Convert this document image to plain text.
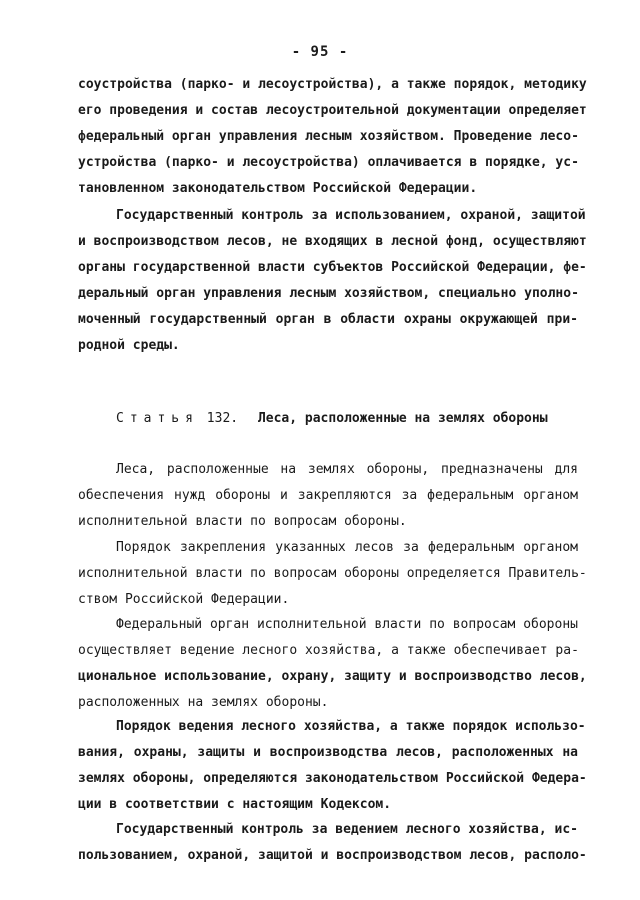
- 95 -
соустройства (парко- и лесоустройства), а также порядок, методику
его проведения и состав лесоустроительной документации определяет
федеральный орган управления лесным хозяйством. Проведение лесо-
устройства (парко- и лесоустройства) оплачивается в порядке, ус-
тановленном законодательством Российской Федерации.
Государственный контроль за использованием, охраной, защитой
и воспроизводством лесов, не входящих в лесной фонд, осуществляют
органы государственной власти субъектов Российской Федерации, фе-
деральный орган управления лесным хозяйством, специально уполно-
моченный государственный орган в области охраны окружающей при-
родной среды.
Статья 132. Леса, расположенные на землях обороны
Леса, расположенные на землях обороны, предназначены для
обеспечения нужд обороны и закрепляются за федеральным органом
исполнительной власти по вопросам обороны.
Порядок закрепления указанных лесов за федеральным органом
исполнительной власти по вопросам обороны определяется Правитель-
ством Российской Федерации.
Федеральный орган исполнительной власти по вопросам обороны
осуществляет ведение лесного хозяйства, а также обеспечивает ра-
циональное использование, охрану, защиту и воспроизводство лесов,
расположенных на землях обороны.
Порядок ведения лесного хозяйства, а также порядок использо-
вания, охраны, защиты и воспроизводства лесов, расположенных на
землях обороны, определяются законодательством Российской Федера-
ции в соответствии с настоящим Кодексом.
Государственный контроль за ведением лесного хозяйства, ис-
пользованием, охраной, защитой и воспроизводством лесов, располо-
